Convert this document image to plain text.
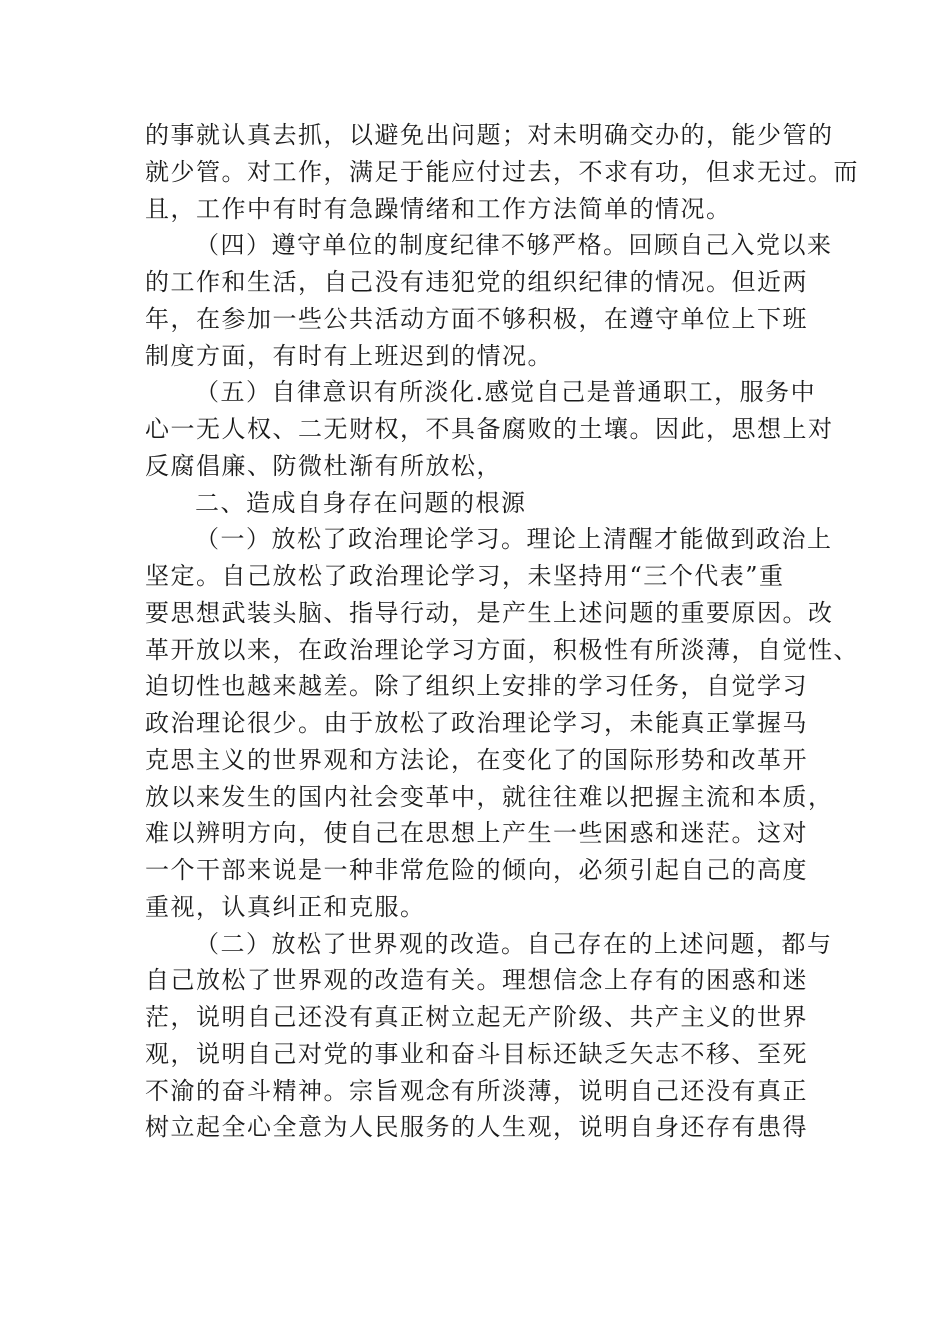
的事就认真去抓，以避免出问题；对未明确交办的，能少管的
就少管。对工作，满足于能应付过去，不求有功，但求无过。而
且，工作中有时有急躁情绪和工作方法简单的情况。
（四）遵守单位的制度纪律不够严格。回顾自己入党以来
的工作和生活，自己没有违犯党的组织纪律的情况。但近两
年，在参加一些公共活动方面不够积极，在遵守单位上下班
制度方面，有时有上班迟到的情况。
（五）自律意识有所淡化.感觉自己是普通职工，服务中
心一无人权、二无财权，不具备腐败的土壤。因此，思想上对
反腐倡廉、防微杜渐有所放松，
二、造成自身存在问题的根源
（一）放松了政治理论学习。理论上清醒才能做到政治上
坚定。自己放松了政治理论学习，未坚持用“三个代表”重
要思想武装头脑、指导行动，是产生上述问题的重要原因。改
革开放以来，在政治理论学习方面，积极性有所淡薄，自觉性、
迫切性也越来越差。除了组织上安排的学习任务，自觉学习
政治理论很少。由于放松了政治理论学习，未能真正掌握马
克思主义的世界观和方法论，在变化了的国际形势和改革开
放以来发生的国内社会变革中，就往往难以把握主流和本质，
难以辨明方向，使自己在思想上产生一些困惑和迷茫。这对
一个干部来说是一种非常危险的倾向，必须引起自己的高度
重视，认真纠正和克服。
（二）放松了世界观的改造。自己存在的上述问题，都与
自己放松了世界观的改造有关。理想信念上存有的困惑和迷
茫，说明自己还没有真正树立起无产阶级、共产主义的世界
观，说明自己对党的事业和奋斗目标还缺乏矢志不移、至死
不渝的奋斗精神。宗旨观念有所淡薄，说明自己还没有真正
树立起全心全意为人民服务的人生观，说明自身还存有患得
